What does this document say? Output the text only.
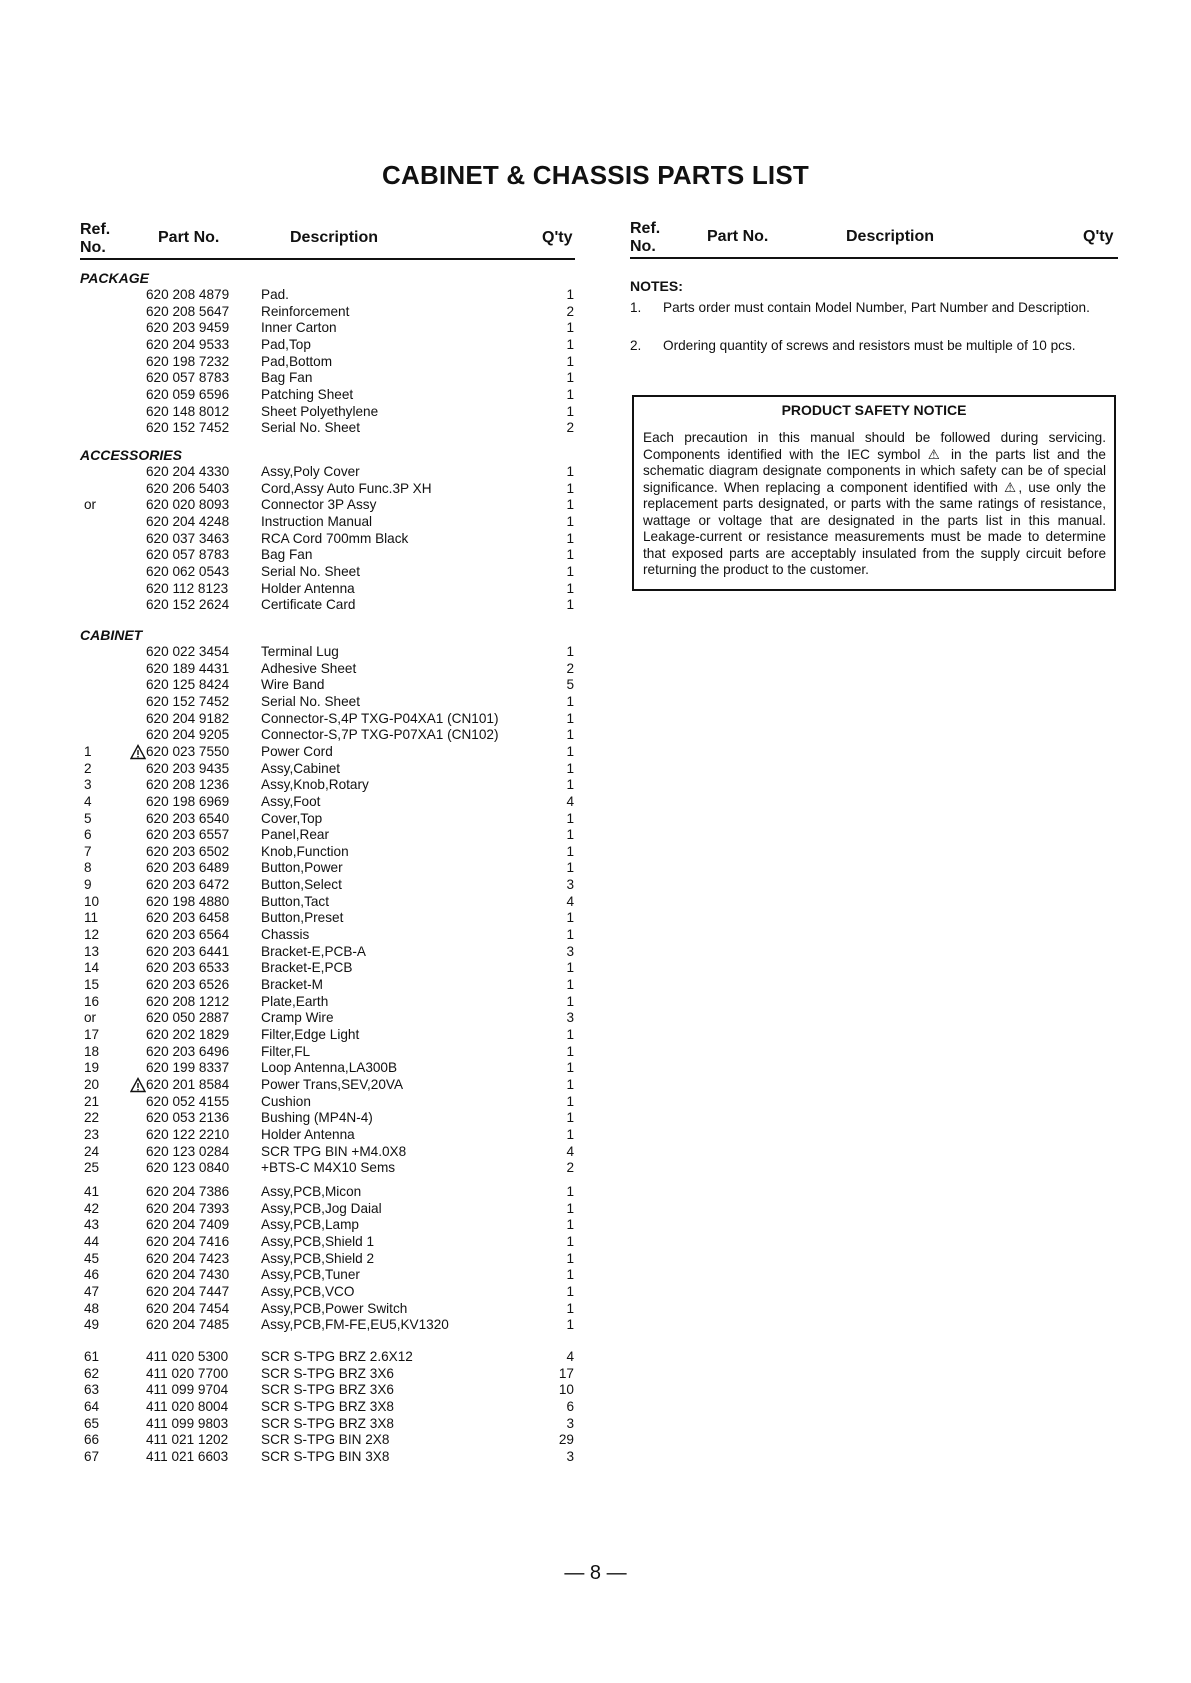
CABINET & CHASSIS PARTS LIST
Ref.
No.
Part No.	Description	Q'ty
Ref.
No.
Part No.	Description	Q'ty
PACKAGE
620 208 4879 Pad.	1
620 208 5647 Reinforcement	2
620 203 9459 Inner Carton	1
620 204 9533 Pad,Top	1
620 198 7232 Pad,Bottom	1
620 057 8783 Bag Fan	1
620 059 6596 Patching Sheet	1
620 148 8012 Sheet Polyethylene	1
620 152 7452 Serial No. Sheet	2
ACCESSORIES
620 204 4330 Assy,Poly Cover	1
620 206 5403 Cord,Assy Auto Func.3P XH	1
or	620 020 8093 Connector 3P Assy	1
620 204 4248 Instruction Manual	1
620 037 3463 RCA Cord 700mm Black	1
620 057 8783 Bag Fan	1
620 062 0543 Serial No. Sheet	1
620 112 8123 Holder Antenna	1
620 152 2624 Certificate Card	1
CABINET
620 022 3454 Terminal Lug	1
620 189 4431 Adhesive Sheet	2
620 125 8424 Wire Band	5
620 152 7452 Serial No. Sheet	1
620 204 9182 Connector-S,4P TXG-P04XA1 (CN101)	1
620 204 9205 Connector-S,7P TXG-P07XA1 (CN102)	1
1	620 023 7550 Power Cord	1
2	620 203 9435 Assy,Cabinet	1
3	620 208 1236 Assy,Knob,Rotary	1
4	620 198 6969 Assy,Foot	4
5	620 203 6540 Cover,Top	1
6	620 203 6557 Panel,Rear	1
7	620 203 6502 Knob,Function	1
8	620 203 6489 Button,Power	1
9	620 203 6472 Button,Select	3
10	620 198 4880 Button,Tact	4
11	620 203 6458 Button,Preset	1
12	620 203 6564 Chassis	1
13	620 203 6441 Bracket-E,PCB-A	3
14	620 203 6533 Bracket-E,PCB	1
15	620 203 6526 Bracket-M	1
16	620 208 1212 Plate,Earth	1
or	620 050 2887 Cramp Wire	3
17	620 202 1829 Filter,Edge Light	1
18	620 203 6496 Filter,FL	1
19	620 199 8337 Loop Antenna,LA300B	1
20	620 201 8584 Power Trans,SEV,20VA	1
21	620 052 4155 Cushion	1
22	620 053 2136 Bushing (MP4N-4)	1
23	620 122 2210 Holder Antenna	1
24	620 123 0284 SCR TPG BIN +M4.0X8	4
25	620 123 0840 +BTS-C M4X10 Sems	2
41	620 204 7386 Assy,PCB,Micon	1
42	620 204 7393 Assy,PCB,Jog Daial	1
43	620 204 7409 Assy,PCB,Lamp	1
44	620 204 7416 Assy,PCB,Shield 1	1
45	620 204 7423 Assy,PCB,Shield 2	1
46	620 204 7430 Assy,PCB,Tuner	1
47	620 204 7447 Assy,PCB,VCO	1
48	620 204 7454 Assy,PCB,Power Switch	1
49	620 204 7485 Assy,PCB,FM-FE,EU5,KV1320	1
61	411 020 5300 SCR S-TPG BRZ 2.6X12	4
62	411 020 7700 SCR S-TPG BRZ 3X6	17
63	411 099 9704 SCR S-TPG BRZ 3X6	10
64	411 020 8004 SCR S-TPG BRZ 3X8	6
65	411 099 9803 SCR S-TPG BRZ 3X8	3
66	411 021 1202 SCR S-TPG BIN 2X8	29
67	411 021 6603 SCR S-TPG BIN 3X8	3
NOTES:
1. Parts order must contain Model Number, Part Number and Description.
2. Ordering quantity of screws and resistors must be multiple of 10 pcs.
PRODUCT SAFETY NOTICE
Each precaution in this manual should be followed during servicing. Components identified with the IEC symbol ⚠ in the parts list and the schematic diagram designate components in which safety can be of special significance. When replacing a component identified with ⚠, use only the replacement parts designated, or parts with the same ratings of resistance, wattage or voltage that are designated in the parts list in this manual. Leakage-current or resistance measurements must be made to determine that exposed parts are acceptably insulated from the supply circuit before returning the product to the customer.
— 8 —
